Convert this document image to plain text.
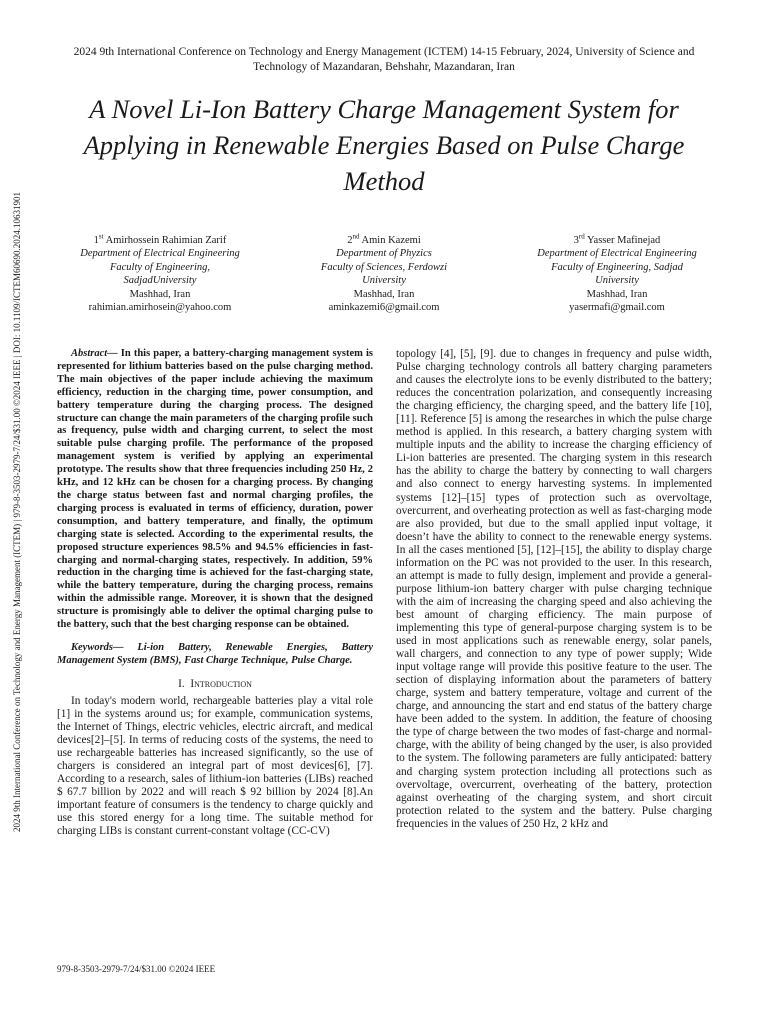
2024 9th International Conference on Technology and Energy Management (ICTEM) 14-15 February, 2024, University of Science and Technology of Mazandaran, Behshahr, Mazandaran, Iran
A Novel Li-Ion Battery Charge Management System for Applying in Renewable Energies Based on Pulse Charge Method
2024 9th International Conference on Technology and Energy Management (ICTEM) | 979-8-3503-2979-7/24/$31.00 ©2024 IEEE | DOI: 10.1109/ICTEM60690.2024.10631901	1st Amirhossein Rahimian Zarif
Department of Electrical Engineering
Faculty of Engineering,
SadjadUniversity
Mashhad, Iran
rahimian.amirhosein@yahoo.com
2nd Amin Kazemi
Department of Phyzics
Faculty of Sciences, Ferdowzi
University
Mashhad, Iran
aminkazemi6@gmail.com
3rd Yasser Mafinejad
Department of Electrical Engineering
Faculty of Engineering, Sadjad
University
Mashhad, Iran
yasermafi@gmail.com
Abstract— In this paper, a battery-charging management system is represented for lithium batteries based on the pulse charging method. The main objectives of the paper include achieving the maximum efficiency, reduction in the charging time, power consumption, and battery temperature during the charging process. The designed structure can change the main parameters of the charging profile such as frequency, pulse width and charging current, to select the most suitable pulse charging profile. The performance of the proposed management system is verified by applying an experimental prototype. The results show that three frequencies including 250 Hz, 2 kHz, and 12 kHz can be chosen for a charging process. By changing the charge status between fast and normal charging profiles, the charging process is evaluated in terms of efficiency, duration, power consumption, and battery temperature, and finally, the optimum charging state is selected. According to the experimental results, the proposed structure experiences 98.5% and 94.5% efficiencies in fast-charging and normal-charging states, respectively. In addition, 59% reduction in the charging time is achieved for the fast-charging state, while the battery temperature, during the charging process, remains within the admissible range. Moreover, it is shown that the designed structure is promisingly able to deliver the optimal charging pulse to the battery, such that the best charging response can be obtained.
Keywords— Li-ion Battery, Renewable Energies, Battery Management System (BMS), Fast Charge Technique, Pulse Charge.
I. Introduction
In today's modern world, rechargeable batteries play a vital role [1] in the systems around us; for example, communication systems, the Internet of Things, electric vehicles, electric aircraft, and medical devices[2]–[5]. In terms of reducing costs of the systems, the need to use rechargeable batteries has increased significantly, so the use of chargers is considered an integral part of most devices[6], [7]. According to a research, sales of lithium-ion batteries (LIBs) reached $ 67.7 billion by 2022 and will reach $ 92 billion by 2024 [8].An important feature of consumers is the tendency to charge quickly and use this stored energy for a long time. The suitable method for charging LIBs is constant current-constant voltage (CC-CV)
topology [4], [5], [9]. due to changes in frequency and pulse width, Pulse charging technology controls all battery charging parameters and causes the electrolyte ions to be evenly distributed to the battery; reduces the concentration polarization, and consequently increasing the charging efficiency, the charging speed, and the battery life [10], [11]. Reference [5] is among the researches in which the pulse charge method is applied. In this research, a battery charging system with multiple inputs and the ability to increase the charging efficiency of Li-ion batteries are presented. The charging system in this research has the ability to charge the battery by connecting to wall chargers and also connect to energy harvesting systems. In implemented systems [12]–[15] types of protection such as overvoltage, overcurrent, and overheating protection as well as fast-charging mode are also provided, but due to the small applied input voltage, it doesn’t have the ability to connect to the renewable energy systems. In all the cases mentioned [5], [12]–[15], the ability to display charge information on the PC was not provided to the user. In this research, an attempt is made to fully design, implement and provide a general-purpose lithium-ion battery charger with pulse charging technique with the aim of increasing the charging speed and also achieving the best amount of charging efficiency. The main purpose of implementing this type of general-purpose charging system is to be used in most applications such as renewable energy, solar panels, wall chargers, and connection to any type of power supply; Wide input voltage range will provide this positive feature to the user. The section of displaying information about the parameters of battery charge, system and battery temperature, voltage and current of the charge, and announcing the start and end status of the battery charge have been added to the system. In addition, the feature of choosing the type of charge between the two modes of fast-charge and normal-charge, with the ability of being changed by the user, is also provided to the system. The following parameters are fully anticipated: battery and charging system protection including all protections such as overvoltage, overcurrent, overheating of the battery, protection against overheating of the charging system, and short circuit protection related to the system and the battery. Pulse charging frequencies in the values of 250 Hz, 2 kHz and
979-8-3503-2979-7/24/$31.00 ©2024 IEEE
